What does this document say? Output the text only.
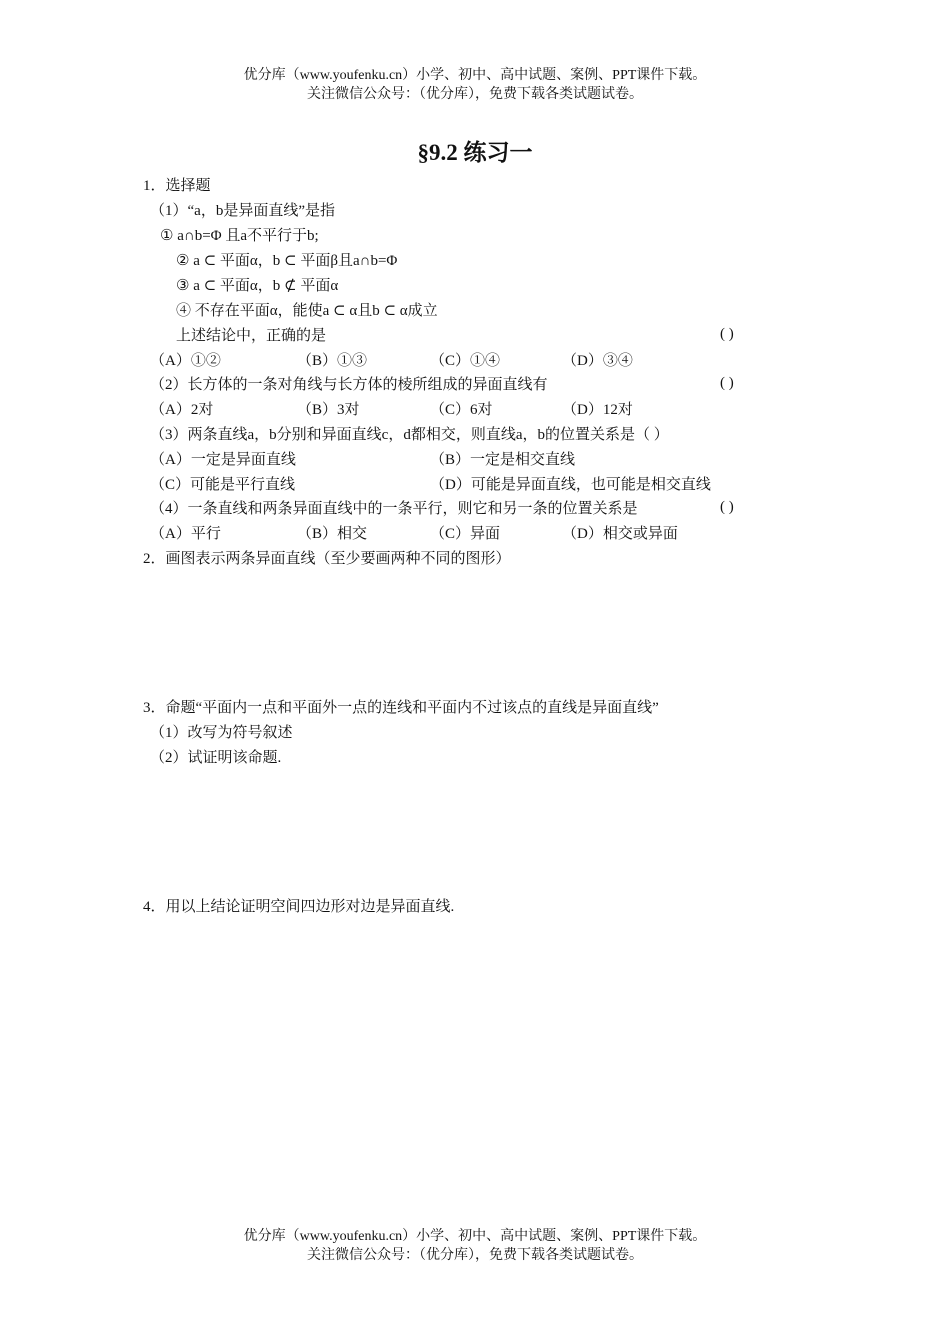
优分库（www.youfenku.cn）小学、初中、高中试题、案例、PPT课件下载。
关注微信公众号：（优分库），免费下载各类试题试卷。
§9.2 练习一
1．选择题
（1）“a，b是异面直线”是指
① a∩b=Φ 且a不平行于b;
② a ⊂ 平面α，b ⊂ 平面β且a∩b=Φ
③ a ⊂ 平面α，b ⊄ 平面α
④ 不存在平面α，能使a ⊂ α且b ⊂ α成立
上述结论中，正确的是	( )
（A）①②	（B）①③	（C）①④	（D）③④
（2）长方体的一条对角线与长方体的棱所组成的异面直线有	( )
（A）2对	（B）3对	（C）6对	（D）12对
（3）两条直线a，b分别和异面直线c，d都相交，则直线a，b的位置关系是（ ）
（A）一定是异面直线	（B）一定是相交直线
（C）可能是平行直线	（D）可能是异面直线，也可能是相交直线
（4）一条直线和两条异面直线中的一条平行，则它和另一条的位置关系是	( )
（A）平行	（B）相交	（C）异面	（D）相交或异面
2．画图表示两条异面直线（至少要画两种不同的图形）
3．命题“平面内一点和平面外一点的连线和平面内不过该点的直线是异面直线”
（1）改写为符号叙述
（2）试证明该命题.
4．用以上结论证明空间四边形对边是异面直线.
优分库（www.youfenku.cn）小学、初中、高中试题、案例、PPT课件下载。
关注微信公众号：（优分库），免费下载各类试题试卷。
